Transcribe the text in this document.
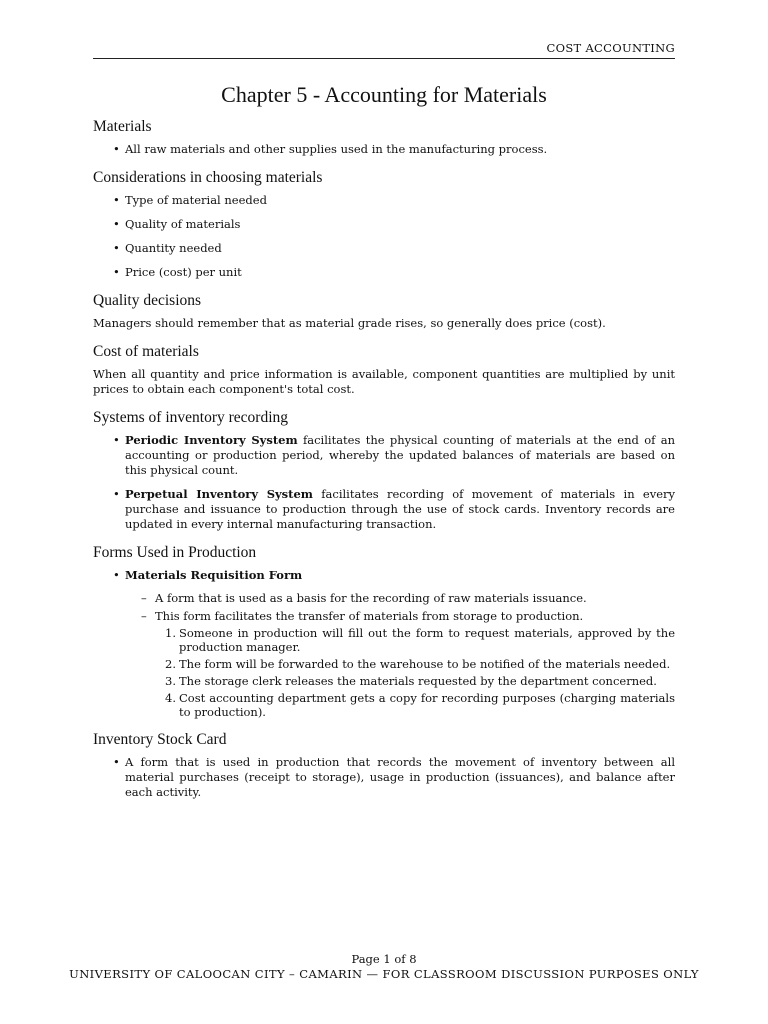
COST ACCOUNTING
Chapter 5 - Accounting for Materials
Materials
• All raw materials and other supplies used in the manufacturing process.
Considerations in choosing materials
• Type of material needed
• Quality of materials
• Quantity needed
• Price (cost) per unit
Quality decisions

Managers should remember that as material grade rises, so generally does price (cost).

Cost of materials

When all quantity and price information is available, component quantities are multiplied by unit prices to obtain each component's total cost.

Systems of inventory recording
• Periodic Inventory System facilitates the physical counting of materials at the end of an accounting or production period, whereby the updated balances of materials are based on this physical count.
• Perpetual Inventory System facilitates recording of movement of materials in every purchase and issuance to production through the use of stock cards. Inventory records are updated in every internal manufacturing transaction.
Forms Used in Production
• Materials Requisition Form
– A form that is used as a basis for the recording of raw materials issuance.
– This form facilitates the transfer of materials from storage to production.
1. Someone in production will fill out the form to request materials, approved by the production manager.
2. The form will be forwarded to the warehouse to be notified of the materials needed.
3. The storage clerk releases the materials requested by the department concerned.
4. Cost accounting department gets a copy for recording purposes (charging materials to production).
Inventory Stock Card
• A form that is used in production that records the movement of inventory between all material purchases (receipt to storage), usage in production (issuances), and balance after each activity.
Page 1 of 8
UNIVERSITY OF CALOOCAN CITY – CAMARIN — FOR CLASSROOM DISCUSSION PURPOSES ONLY
